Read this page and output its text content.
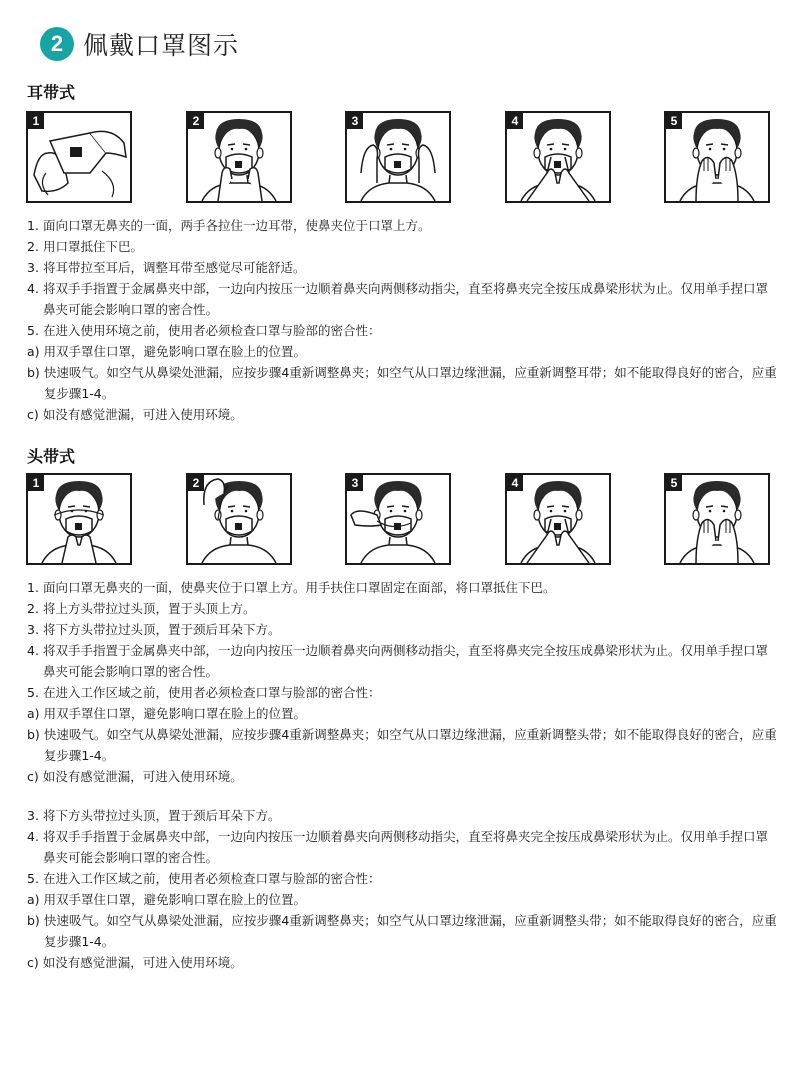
2 佩戴口罩图示
耳带式
1	2	3	4	5
1. 面向口罩无鼻夹的一面，两手各拉住一边耳带，使鼻夹位于口罩上方。
2. 用口罩抵住下巴。
3. 将耳带拉至耳后，调整耳带至感觉尽可能舒适。
4. 将双手手指置于金属鼻夹中部，一边向内按压一边顺着鼻夹向两侧移动指尖，直至将鼻夹完全按压成鼻梁形状为止。仅用单手捏口罩鼻夹可能会影响口罩的密合性。
5. 在进入使用环境之前，使用者必须检查口罩与脸部的密合性：
a) 用双手罩住口罩，避免影响口罩在脸上的位置。
b) 快速吸气。如空气从鼻梁处泄漏，应按步骤4重新调整鼻夹；如空气从口罩边缘泄漏，应重新调整耳带；如不能取得良好的密合，应重复步骤1-4。
c) 如没有感觉泄漏，可进入使用环境。
头带式
1	2	3	4	5
1. 面向口罩无鼻夹的一面，使鼻夹位于口罩上方。用手扶住口罩固定在面部，将口罩抵住下巴。
2. 将上方头带拉过头顶，置于头顶上方。
3. 将下方头带拉过头顶，置于颈后耳朵下方。
4. 将双手手指置于金属鼻夹中部，一边向内按压一边顺着鼻夹向两侧移动指尖，直至将鼻夹完全按压成鼻梁形状为止。仅用单手捏口罩鼻夹可能会影响口罩的密合性。
5. 在进入工作区域之前，使用者必须检查口罩与脸部的密合性：
a) 用双手罩住口罩，避免影响口罩在脸上的位置。
b) 快速吸气。如空气从鼻梁处泄漏，应按步骤4重新调整鼻夹；如空气从口罩边缘泄漏，应重新调整头带；如不能取得良好的密合，应重复步骤1-4。
c) 如没有感觉泄漏，可进入使用环境。
3. 将下方头带拉过头顶，置于颈后耳朵下方。
4. 将双手手指置于金属鼻夹中部，一边向内按压一边顺着鼻夹向两侧移动指尖，直至将鼻夹完全按压成鼻梁形状为止。仅用单手捏口罩鼻夹可能会影响口罩的密合性。
5. 在进入工作区域之前，使用者必须检查口罩与脸部的密合性：
a) 用双手罩住口罩，避免影响口罩在脸上的位置。
b) 快速吸气。如空气从鼻梁处泄漏，应按步骤4重新调整鼻夹；如空气从口罩边缘泄漏，应重新调整头带；如不能取得良好的密合，应重复步骤1-4。
c) 如没有感觉泄漏，可进入使用环境。
